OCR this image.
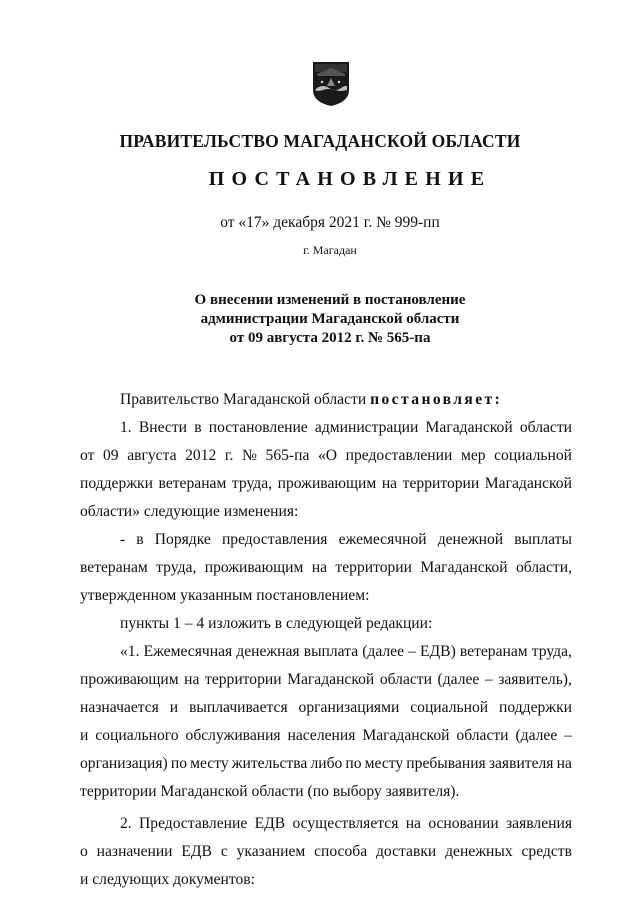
ПРАВИТЕЛЬСТВО МАГАДАНСКОЙ ОБЛАСТИ
ПОСТАНОВЛЕНИЕ
от «17» декабря 2021 г. № 999-пп
г. Магадан
О внесении изменений в постановление
администрации Магаданской области
от 09 августа 2012 г. № 565-па
Правительство Магаданской области постановляет:
1. Внести в постановление администрации Магаданской области
от 09 августа 2012 г. № 565-па «О предоставлении мер социальной
поддержки ветеранам труда, проживающим на территории Магаданской
области» следующие изменения:
- в Порядке предоставления ежемесячной денежной выплаты
ветеранам труда, проживающим на территории Магаданской области,
утвержденном указанным постановлением:
пункты 1 – 4 изложить в следующей редакции:
«1. Ежемесячная денежная выплата (далее – ЕДВ) ветеранам труда,
проживающим на территории Магаданской области (далее – заявитель),
назначается и выплачивается организациями социальной поддержки
и социального обслуживания населения Магаданской области (далее –
организация) по месту жительства либо по месту пребывания заявителя на
территории Магаданской области (по выбору заявителя).
2. Предоставление ЕДВ осуществляется на основании заявления
о назначении ЕДВ с указанием способа доставки денежных средств
и следующих документов:
